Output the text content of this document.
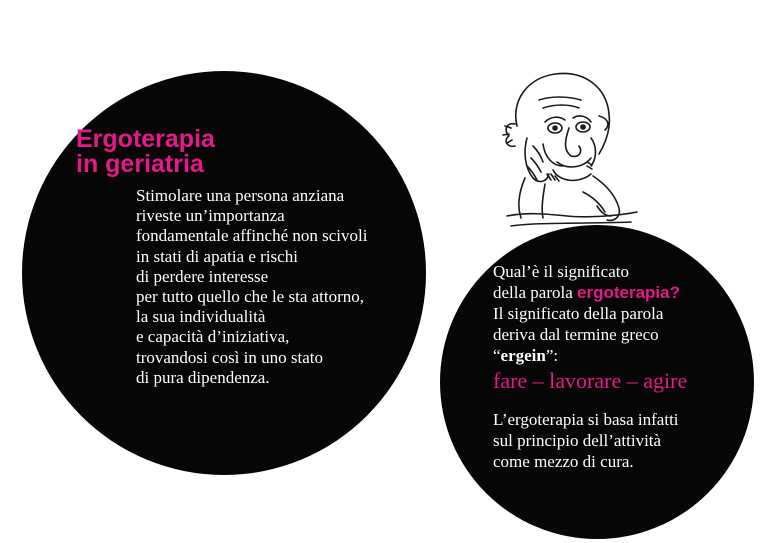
Ergoterapia
in geriatria

Stimolare una persona anziana
riveste un’importanza
fondamentale affinché non scivoli
in stati di apatia e rischi
di perdere interesse
per tutto quello che le sta attorno,
la sua individualità
e capacità d’iniziativa,
trovandosi così in uno stato
di pura dipendenza.

Qual’è il significato
della parola ergoterapia?
Il significato della parola
deriva dal termine greco
“ergein”:
fare – lavorare – agire
L’ergoterapia si basa infatti
sul principio dell’attività
come mezzo di cura.
